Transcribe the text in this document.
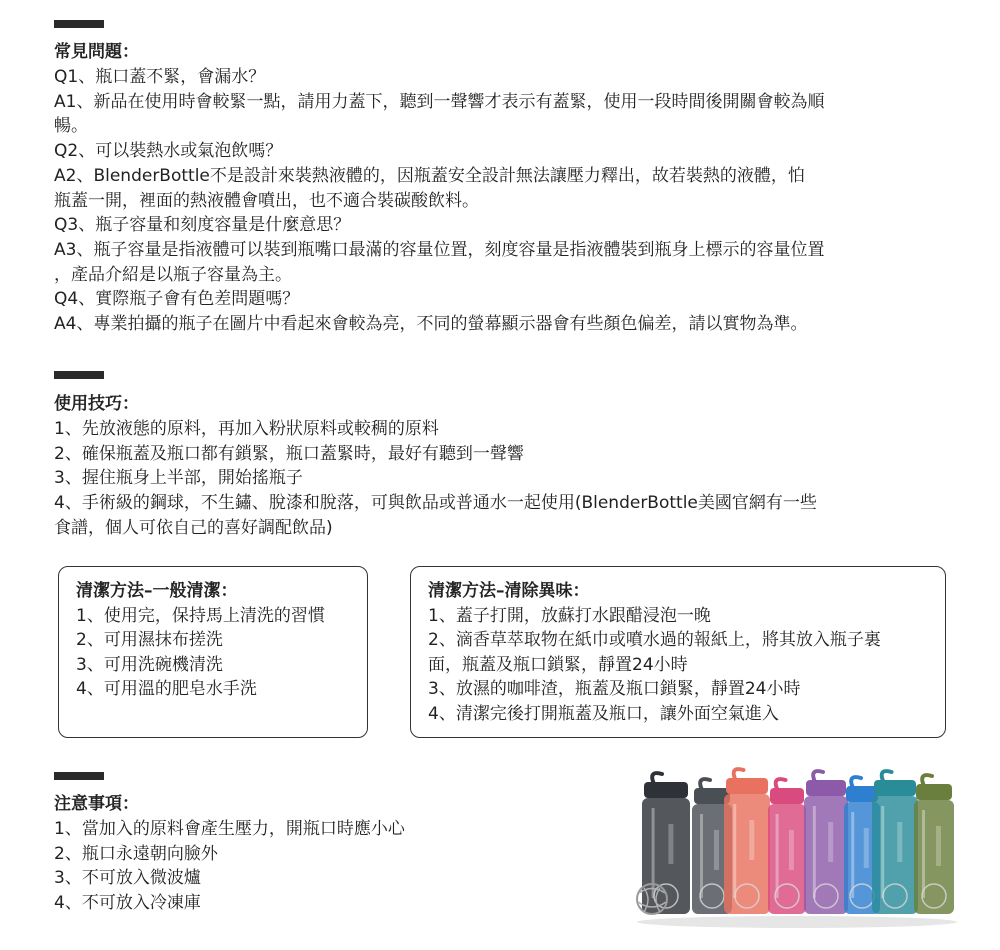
常見問題：
Q1、瓶口蓋不緊，會漏水？
A1、新品在使用時會較緊一點，請用力蓋下，聽到一聲響才表示有蓋緊，使用一段時間後開關會較為順
暢。
Q2、可以裝熱水或氣泡飲嗎？
A2、BlenderBottle不是設計來裝熱液體的，因瓶蓋安全設計無法讓壓力釋出，故若裝熱的液體，怕
瓶蓋一開，裡面的熱液體會噴出，也不適合裝碳酸飲料。
Q3、瓶子容量和刻度容量是什麼意思？
A3、瓶子容量是指液體可以裝到瓶嘴口最滿的容量位置，刻度容量是指液體裝到瓶身上標示的容量位置
，產品介紹是以瓶子容量為主。
Q4、實際瓶子會有色差問題嗎？
A4、專業拍攝的瓶子在圖片中看起來會較為亮，不同的螢幕顯示器會有些顏色偏差，請以實物為準。
使用技巧：
1、先放液態的原料，再加入粉狀原料或較稠的原料
2、確保瓶蓋及瓶口都有鎖緊，瓶口蓋緊時，最好有聽到一聲響
3、握住瓶身上半部，開始搖瓶子
4、手術級的鋼球，不生鏽、脫漆和脫落，可與飲品或普通水一起使用(BlenderBottle美國官網有一些
食譜，個人可依自己的喜好調配飲品)
清潔方法–一般清潔：
1、使用完，保持馬上清洗的習慣
2、可用濕抹布搓洗
3、可用洗碗機清洗
4、可用溫的肥皂水手洗
清潔方法–清除異味：
1、蓋子打開，放蘇打水跟醋浸泡一晚
2、滴香草萃取物在紙巾或噴水過的報紙上，將其放入瓶子裏
面，瓶蓋及瓶口鎖緊，靜置24小時
3、放濕的咖啡渣，瓶蓋及瓶口鎖緊，靜置24小時
4、清潔完後打開瓶蓋及瓶口，讓外面空氣進入
注意事項：
1、當加入的原料會產生壓力，開瓶口時應小心
2、瓶口永遠朝向臉外
3、不可放入微波爐
4、不可放入冷凍庫
